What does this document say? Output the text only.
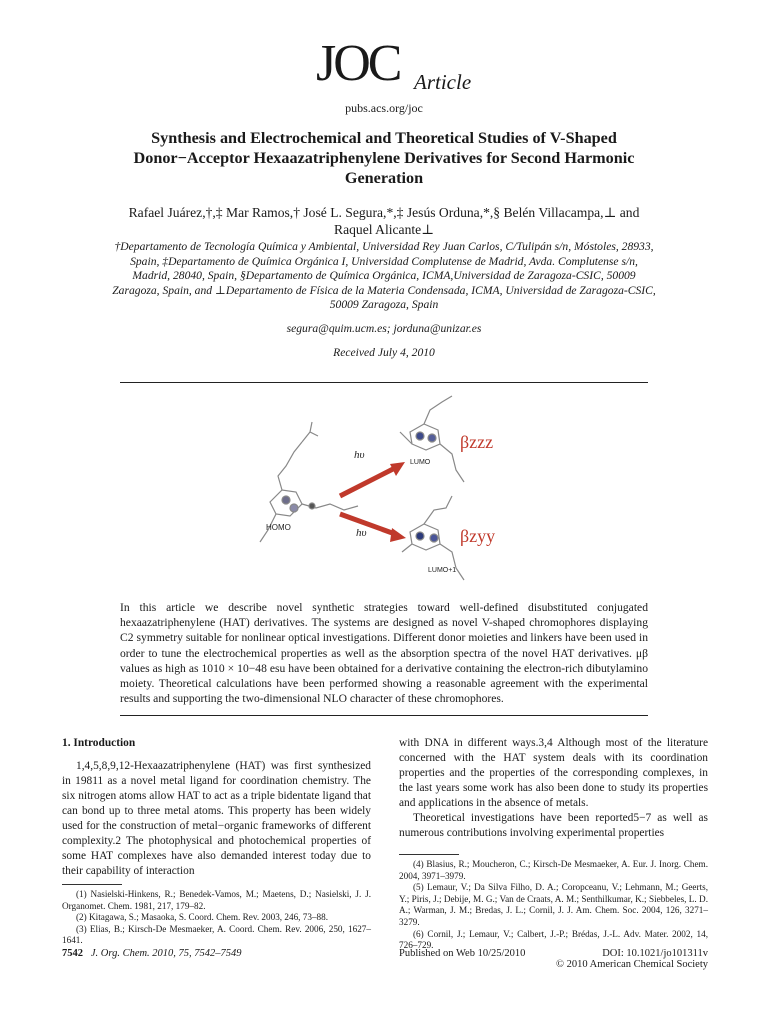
JOC Article
pubs.acs.org/joc
Synthesis and Electrochemical and Theoretical Studies of V-Shaped Donor−Acceptor Hexaazatriphenylene Derivatives for Second Harmonic Generation
Rafael Juárez,†,‡ Mar Ramos,† José L. Segura,*,‡ Jesús Orduna,*,§ Belén Villacampa,⊥ and Raquel Alicante⊥
†Departamento de Tecnología Química y Ambiental, Universidad Rey Juan Carlos, C/Tulipán s/n, Móstoles, 28933, Spain, ‡Departamento de Química Orgánica I, Universidad Complutense de Madrid, Avda. Complutense s/n, Madrid, 28040, Spain, §Departamento de Química Orgánica, ICMA,Universidad de Zaragoza-CSIC, 50009 Zaragoza, Spain, and ⊥Departamento de Física de la Materia Condensada, ICMA, Universidad de Zaragoza-CSIC, 50009 Zaragoza, Spain
segura@quim.ucm.es; jorduna@unizar.es
Received July 4, 2010
HOMO
hυ
hυ
LUMO
βzzz
LUMO+1
βzyy
In this article we describe novel synthetic strategies toward well-defined disubstituted conjugated hexaazatriphenylene (HAT) derivatives. The systems are designed as novel V-shaped chromophores displaying C2 symmetry suitable for nonlinear optical investigations. Different donor moieties and linkers have been used in order to tune the electrochemical properties as well as the absorption spectra of the novel HAT derivatives. μβ values as high as 1010 × 10−48 esu have been obtained for a derivative containing the electron-rich dibutylamino moiety. Theoretical calculations have been performed showing a reasonable agreement with the experimental results and supporting the two-dimensional NLO character of these chromophores.

1. Introduction

1,4,5,8,9,12-Hexaazatriphenylene (HAT) was first synthesized in 19811 as a novel metal ligand for coordination chemistry. The six nitrogen atoms allow HAT to act as a triple bidentate ligand that can bond up to three metal atoms. This property has been widely used for the construction of metal−organic frameworks of different complexity.2 The photophysical and photochemical properties of some HAT complexes have also demanded interest today due to their capability of interaction

(1) Nasielski-Hinkens, R.; Benedek-Vamos, M.; Maetens, D.; Nasielski, J. J. Organomet. Chem. 1981, 217, 179–82.

(2) Kitagawa, S.; Masaoka, S. Coord. Chem. Rev. 2003, 246, 73–88.

(3) Elias, B.; Kirsch-De Mesmaeker, A. Coord. Chem. Rev. 2006, 250, 1627–1641.

with DNA in different ways.3,4 Although most of the literature concerned with the HAT system deals with its coordination properties and the properties of the corresponding complexes, in the last years some work has also been done to study its properties and applications in the absence of metals.

Theoretical investigations have been reported5−7 as well as numerous contributions involving experimental properties

(4) Blasius, R.; Moucheron, C.; Kirsch-De Mesmaeker, A. Eur. J. Inorg. Chem. 2004, 3971–3979.

(5) Lemaur, V.; Da Silva Filho, D. A.; Coropceanu, V.; Lehmann, M.; Geerts, Y.; Piris, J.; Debije, M. G.; Van de Craats, A. M.; Senthilkumar, K.; Siebbeles, L. D. A.; Warman, J. M.; Bredas, J. L.; Cornil, J. J. Am. Chem. Soc. 2004, 126, 3271–3279.

(6) Cornil, J.; Lemaur, V.; Calbert, J.-P.; Brédas, J.-L. Adv. Mater. 2002, 14, 726–729.

7542 J. Org. Chem. 2010, 75, 7542–7549	Published on Web 10/25/2010	DOI: 10.1021/jo101311v
© 2010 American Chemical Society
